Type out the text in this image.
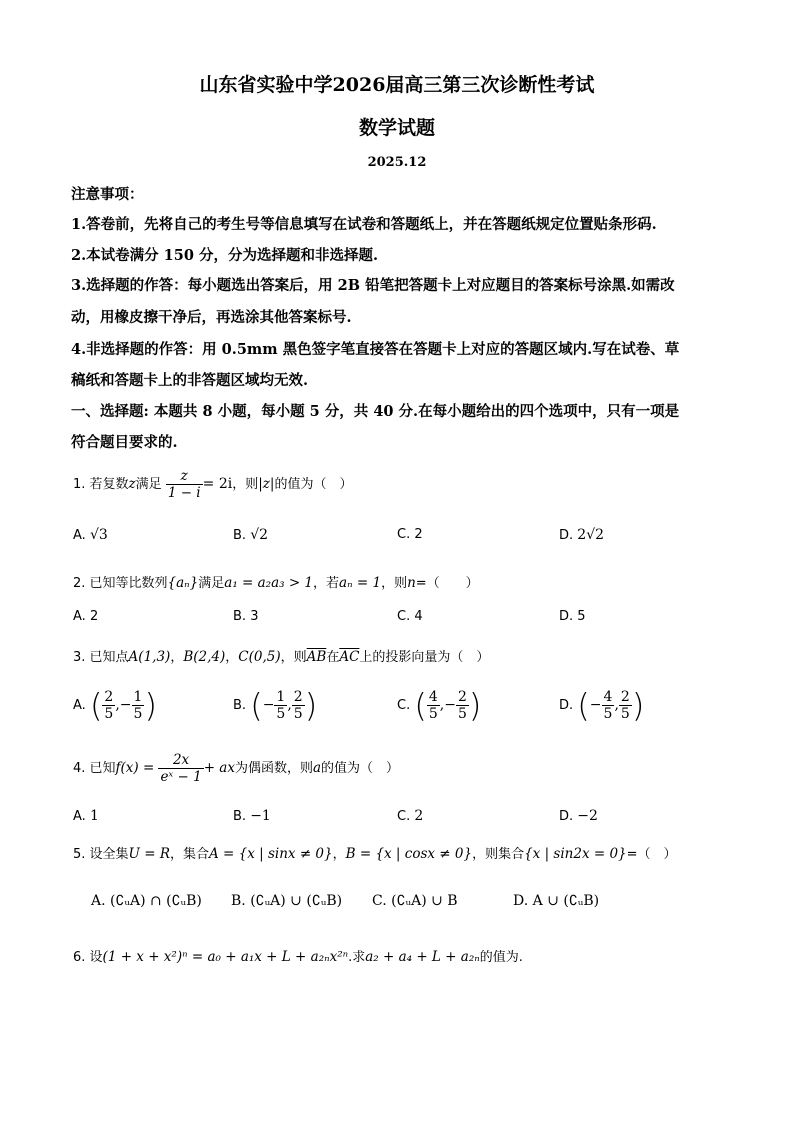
山东省实验中学2026届高三第三次诊断性考试
数学试题
2025.12
注意事项：
1.答卷前，先将自己的考生号等信息填写在试卷和答题纸上，并在答题纸规定位置贴条形码.
2.本试卷满分 150 分，分为选择题和非选择题.
3.选择题的作答：每小题选出答案后，用 2B 铅笔把答题卡上对应题目的答案标号涂黑.如需改
动，用橡皮擦干净后，再选涂其他答案标号.
4.非选择题的作答：用 0.5mm 黑色签字笔直接答在答题卡上对应的答题区域内.写在试卷、草
稿纸和答题卡上的非答题区域均无效.
一、选择题: 本题共 8 小题，每小题 5 分，共 40 分.在每小题给出的四个选项中，只有一项是
符合题目要求的.
1. 若复数z满足 $\frac{z}{1 - i} = 2i$，则|z|的值为（　）
A. √3	B. √2	C. 2	D. 2√2
2. 已知等比数列{aₙ}满足a₁ = a₂a₃ > 1，若aₙ = 1，则n=（　　）
A. 2	B. 3	C. 4	D. 5
3. 已知点A(1,3)，B(2,4)，C(0,5)，则$\overline{AB}$在$\overline{AC}$上的投影向量为（　）
A. ( $\frac{2}{5}$ ,− $\frac{1}{5}$ )	B. (− $\frac{1}{5}$ , $\frac{2}{5}$ )	C. ( $\frac{4}{5}$ ,− $\frac{2}{5}$ )	D. (− $\frac{4}{5}$ , $\frac{2}{5}$ )
4. 已知$f(x) = \frac{2x}{\text{eˣ − 1}}$ + ax为偶函数，则a的值为（　）
A. 1	B. −1	C. 2	D. −2
5. 设全集U = R，集合A = {x | sinx ≠ 0}，B = {x | cosx ≠ 0}，则集合{x | sin2x = 0}=（　）
A. (∁ᵤA) ∩ (∁ᵤB) B. (∁ᵤA) ∪ (∁ᵤB) C. (∁ᵤA) ∪ B	D. A ∪ (∁ᵤB)
6. 设(1 + x + x²)ⁿ = a₀ + a₁x + L + a₂ₙx²ⁿ.求a₂ + a₄ + L + a₂ₙ的值为.
